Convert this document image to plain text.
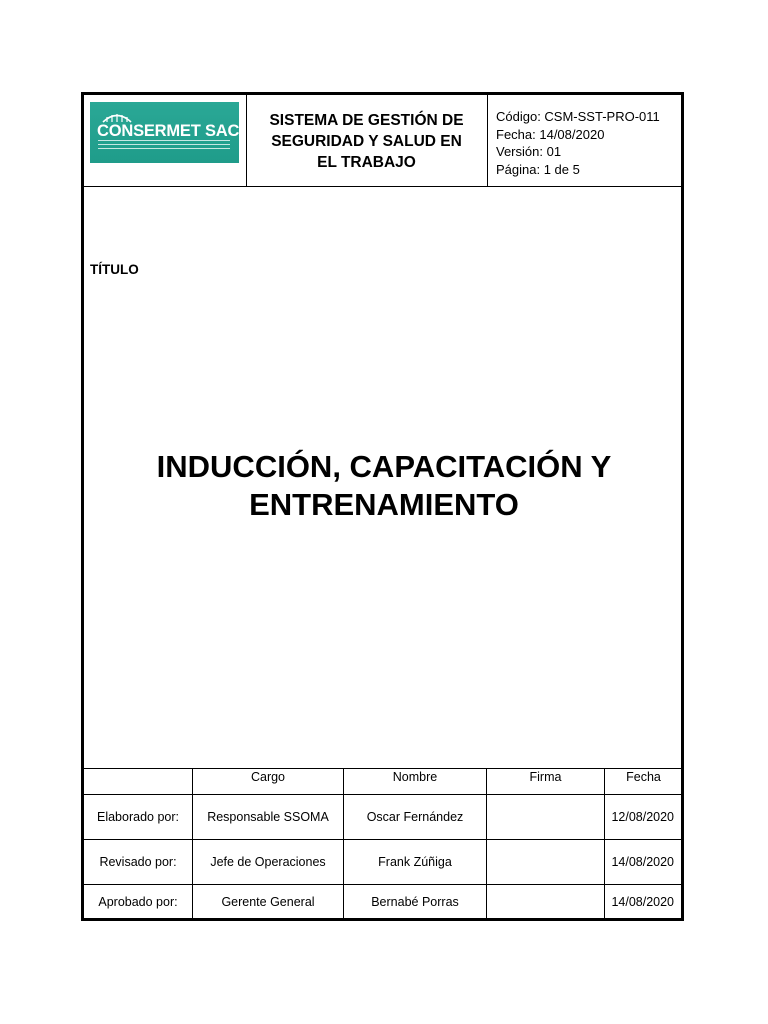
CONSERMET SAC
SISTEMA DE GESTIÓN DE
SEGURIDAD Y SALUD EN
EL TRABAJO
Código: CSM-SST-PRO-011
Fecha: 14/08/2020
Versión: 01
Página: 1 de 5
TÍTULO
INDUCCIÓN, CAPACITACIÓN Y
ENTRENAMIENTO
	Cargo	Nombre	Firma	Fecha
Elaborado por:	Responsable SSOMA	Oscar Fernández		12/08/2020
Revisado por:	Jefe de Operaciones	Frank Zúñiga		14/08/2020
Aprobado por:	Gerente General	Bernabé Porras		14/08/2020
